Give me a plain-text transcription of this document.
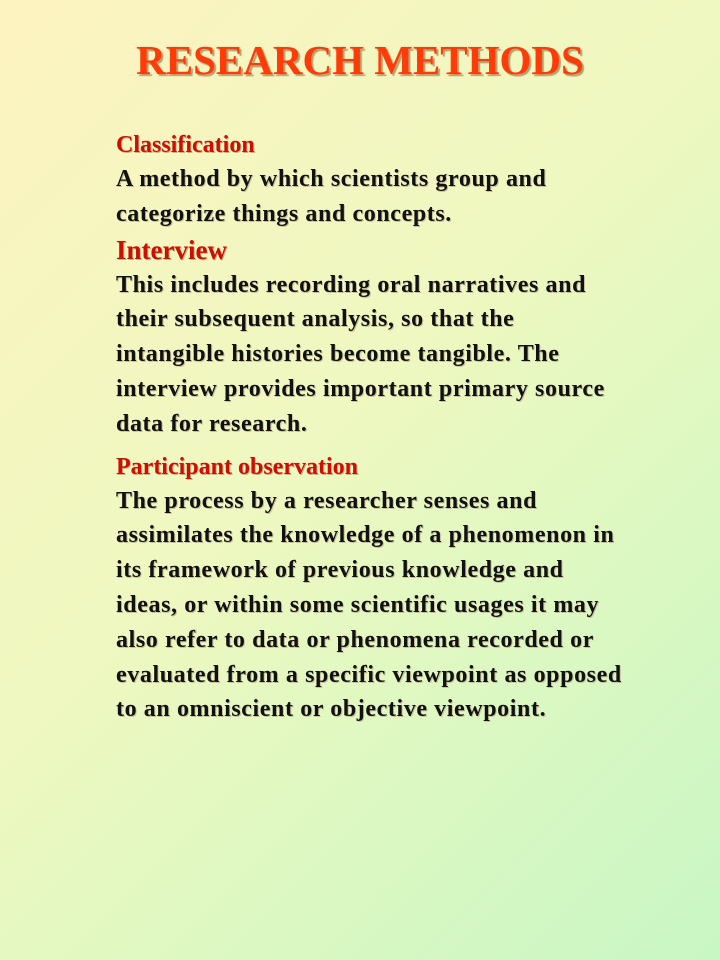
RESEARCH METHODS
Classification
A method by which scientists group and categorize things and concepts.
Interview
This includes recording oral narratives and their subsequent analysis, so that the intangible histories become tangible. The interview provides important primary source data for research.
Participant observation
The process by a researcher senses and assimilates the knowledge of a phenomenon in its framework of previous knowledge and ideas, or within some scientific usages it may also refer to data or phenomena recorded or evaluated from a specific viewpoint as opposed to an omniscient or objective viewpoint.
